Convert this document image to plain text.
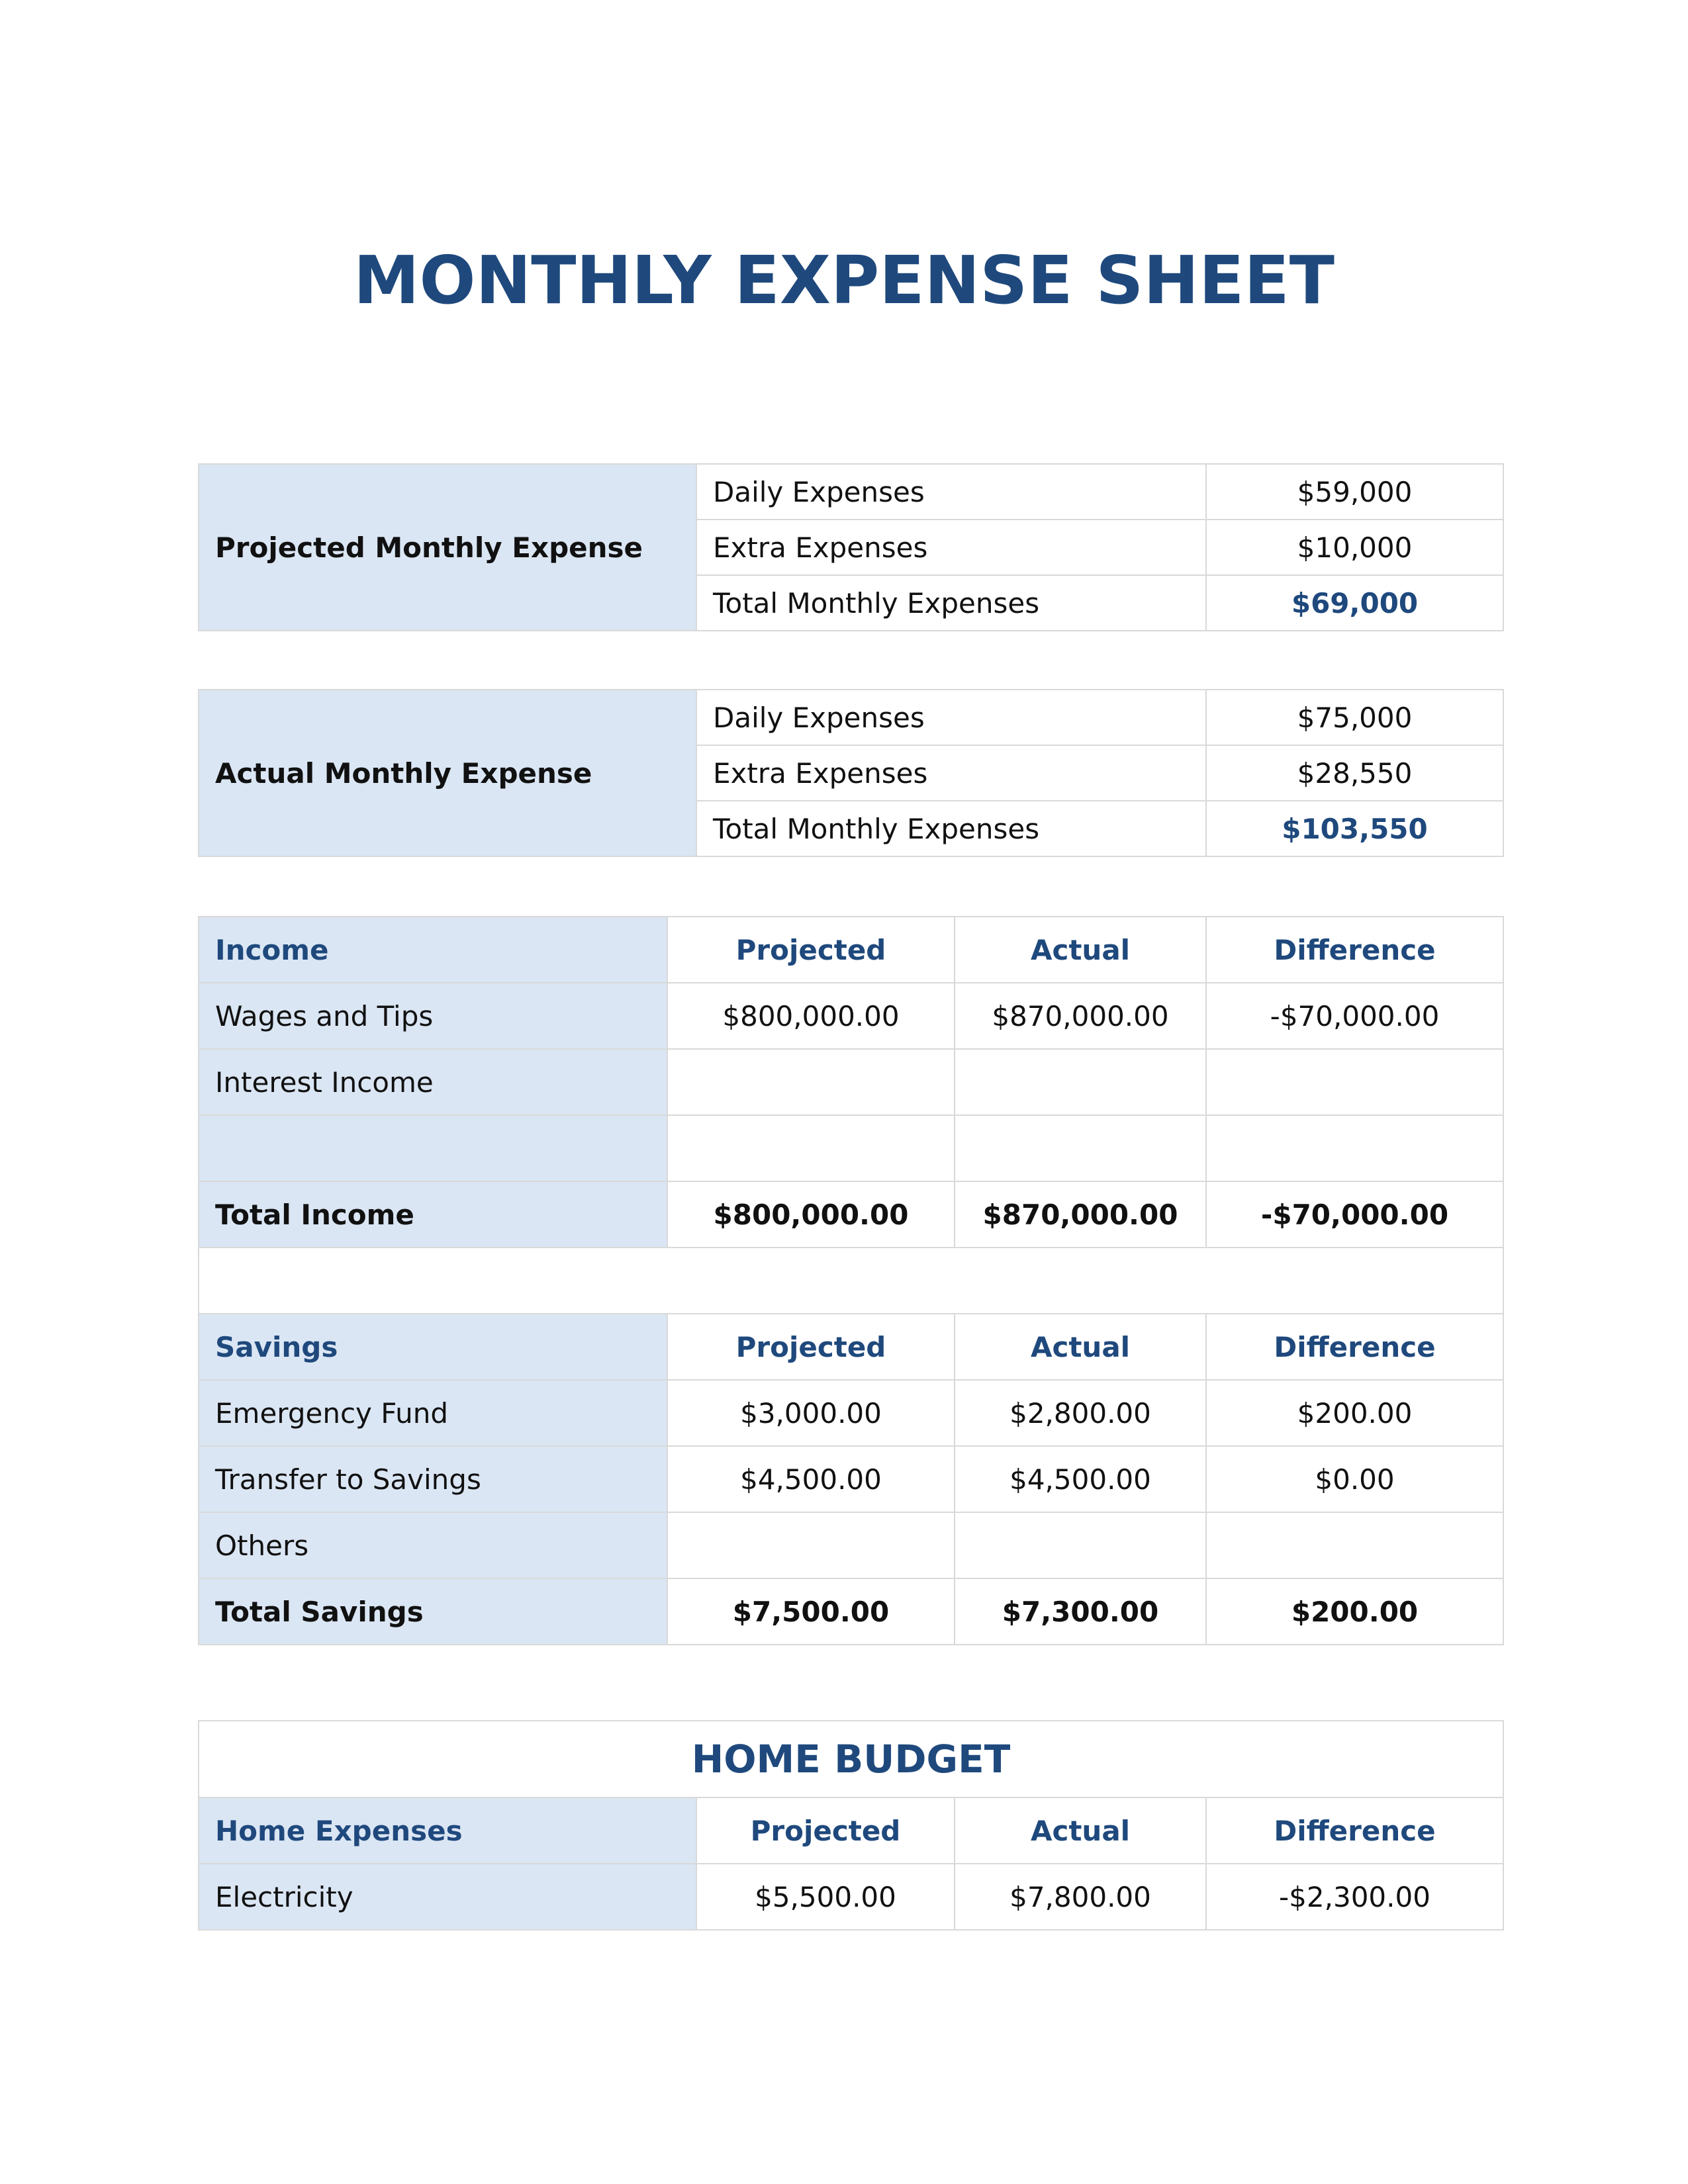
MONTHLY EXPENSE SHEET
Projected Monthly Expense	Daily Expenses	$59,000
	Extra Expenses	$10,000
	Total Monthly Expenses	$69,000
Actual Monthly Expense	Daily Expenses	$75,000
	Extra Expenses	$28,550
	Total Monthly Expenses	$103,550
Income	Projected	Actual	Difference
Wages and Tips	$800,000.00	$870,000.00	-$70,000.00
Interest Income			

Total Income	$800,000.00	$870,000.00	-$70,000.00

Savings	Projected	Actual	Difference
Emergency Fund	$3,000.00	$2,800.00	$200.00
Transfer to Savings	$4,500.00	$4,500.00	$0.00
Others			
Total Savings	$7,500.00	$7,300.00	$200.00
HOME BUDGET			
Home Expenses	Projected	Actual	Difference
Electricity	$5,500.00	$7,800.00	-$2,300.00
